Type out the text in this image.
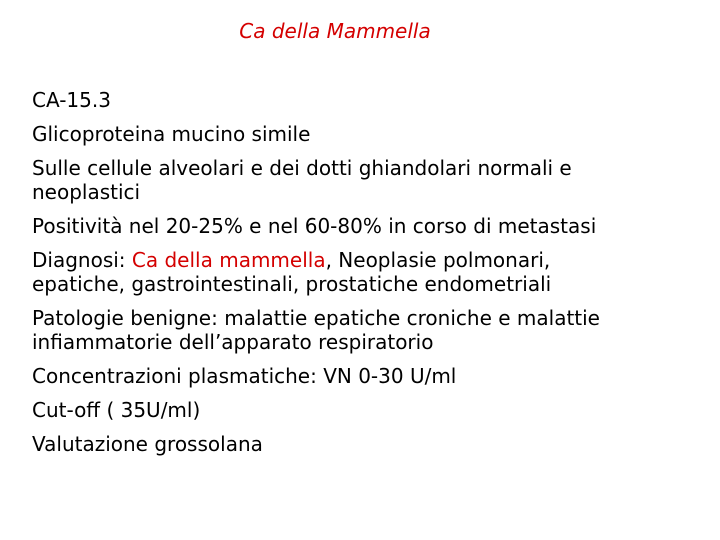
Ca della Mammella
CA-15.3
Glicoproteina mucino simile
Sulle cellule alveolari e dei dotti ghiandolari normali e
neoplastici
Positività nel 20-25% e nel 60-80% in corso di metastasi
Diagnosi: Ca della mammella, Neoplasie polmonari,
epatiche, gastrointestinali, prostatiche endometriali
Patologie benigne: malattie epatiche croniche e malattie
infiammatorie dell’apparato respiratorio
Concentrazioni plasmatiche: VN 0-30 U/ml
Cut-off ( 35U/ml)
Valutazione grossolana
